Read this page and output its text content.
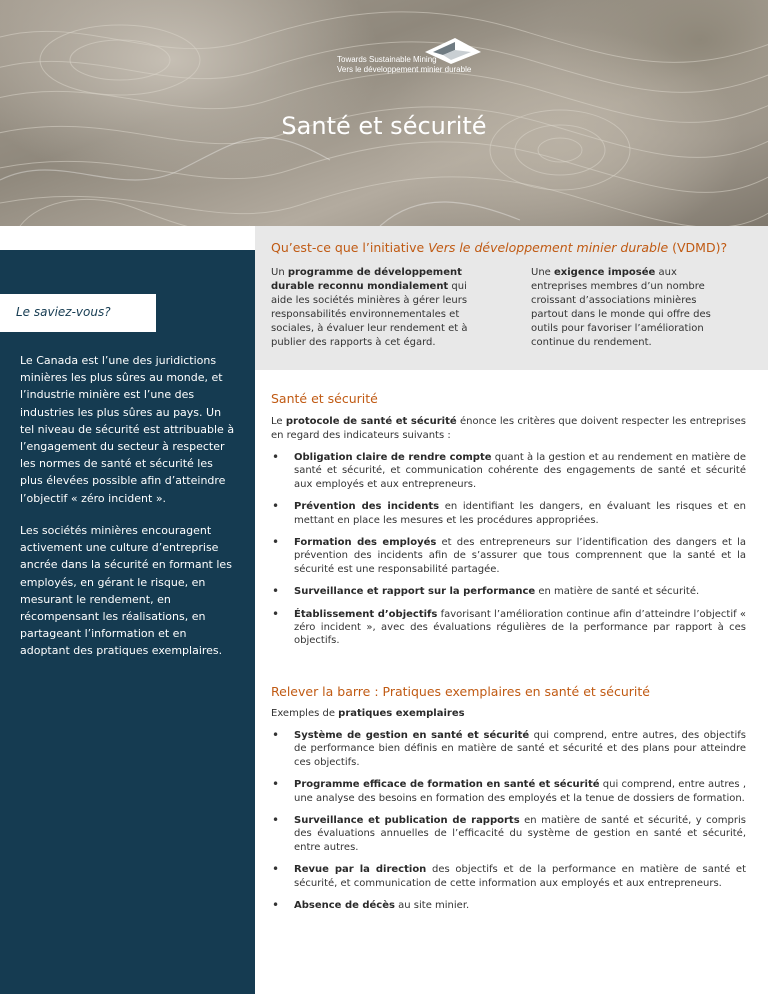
Towards Sustainable Mining
Vers le développement minier durable
Santé et sécurité
Le saviez-vous?

Le Canada est l’une des juridictions minières les plus sûres au monde, et l’industrie minière est l’une des industries les plus sûres au pays. Un tel niveau de sécurité est attribuable à l’engagement du secteur à respecter les normes de santé et sécurité les plus élevées possible afin d’atteindre l’objectif « zéro incident ».

Les sociétés minières encouragent activement une culture d’entreprise ancrée dans la sécurité en formant les employés, en gérant le risque, en mesurant le rendement, en récompensant les réalisations, en partageant l’information et en adoptant des pratiques exemplaires.

Qu’est-ce que l’initiative Vers le développement minier durable (VDMD)?

Un programme de développement durable reconnu mondialement qui aide les sociétés minières à gérer leurs responsabilités environnementales et sociales, à évaluer leur rendement et à publier des rapports à cet égard.

Une exigence imposée aux entreprises membres d’un nombre croissant d’associations minières partout dans le monde qui offre des outils pour favoriser l’amélioration continue du rendement.

Santé et sécurité

Le protocole de santé et sécurité énonce les critères que doivent respecter les entreprises en regard des indicateurs suivants :

• Obligation claire de rendre compte quant à la gestion et au rendement en matière de santé et sécurité, et communication cohérente des engagements de santé et sécurité aux employés et aux entrepreneurs.
• Prévention des incidents en identifiant les dangers, en évaluant les risques et en mettant en place les mesures et les procédures appropriées.
• Formation des employés et des entrepreneurs sur l’identification des dangers et la prévention des incidents afin de s’assurer que tous comprennent que la santé et la sécurité est une responsabilité partagée.
• Surveillance et rapport sur la performance en matière de santé et sécurité.
• Établissement d’objectifs favorisant l’amélioration continue afin d’atteindre l’objectif « zéro incident », avec des évaluations régulières de la performance par rapport à ces objectifs.
Relever la barre : Pratiques exemplaires en santé et sécurité

Exemples de pratiques exemplaires

• Système de gestion en santé et sécurité qui comprend, entre autres, des objectifs de performance bien définis en matière de santé et sécurité et des plans pour atteindre ces objectifs.
• Programme efficace de formation en santé et sécurité qui comprend, entre autres , une analyse des besoins en formation des employés et la tenue de dossiers de formation.
• Surveillance et publication de rapports en matière de santé et sécurité, y compris des évaluations annuelles de l’efficacité du système de gestion en santé et sécurité, entre autres.
• Revue par la direction des objectifs et de la performance en matière de santé et sécurité, et communication de cette information aux employés et aux entrepreneurs.
• Absence de décès au site minier.
